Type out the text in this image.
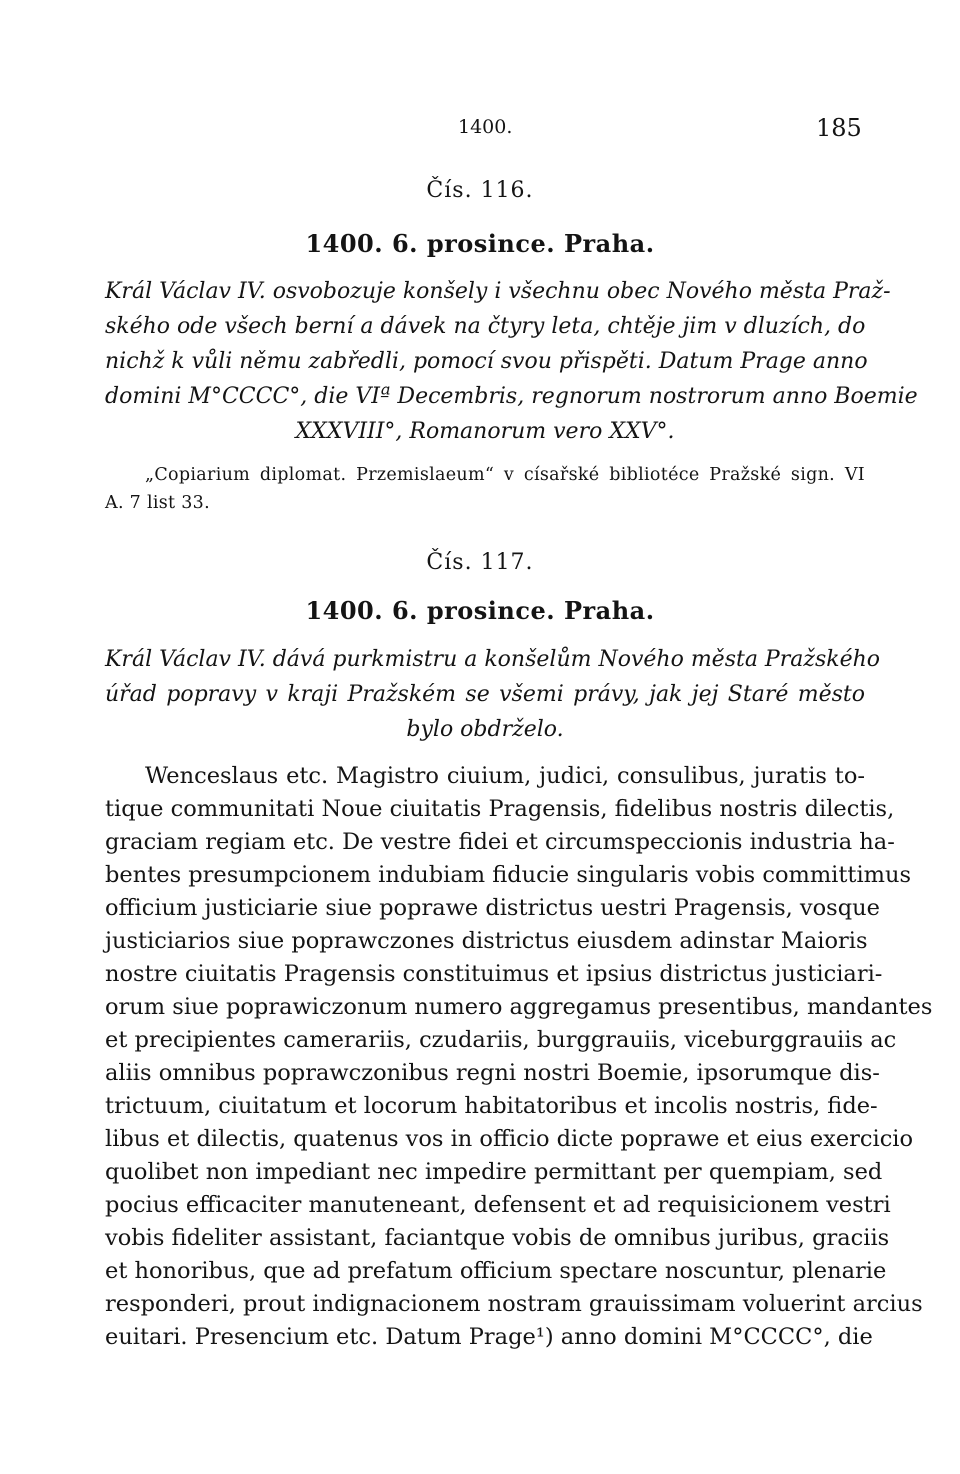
1400.	185
Čís. 116.
1400. 6. prosince. Praha.
Král Václav IV. osvobozuje konšely i všechnu obec Nového města Praž-
ského ode všech berní a dávek na čtyry leta, chtěje jim v dluzích, do
nichž k vůli němu zabředli, pomocí svou přispěti. Datum Prage anno
domini M°CCCC°, die VIª Decembris, regnorum nostrorum anno Boemie
XXXVIII°, Romanorum vero XXV°.
„Copiarium diplomat. Przemislaeum“ v císařské bibliotéce Pražské sign. VI
A. 7 list 33.
Čís. 117.
1400. 6. prosince. Praha.
Král Václav IV. dává purkmistru a konšelům Nového města Pražského
úřad popravy v kraji Pražském se všemi právy, jak jej Staré město
bylo obdrželo.
Wenceslaus etc. Magistro ciuium, judici, consulibus, juratis to-
tique communitati Noue ciuitatis Pragensis, fidelibus nostris dilectis,
graciam regiam etc. De vestre fidei et circumspeccionis industria ha-
bentes presumpcionem indubiam fiducie singularis vobis committimus
officium justiciarie siue poprawe districtus uestri Pragensis, vosque
justiciarios siue poprawczones districtus eiusdem adinstar Maioris
nostre ciuitatis Pragensis constituimus et ipsius districtus justiciari-
orum siue poprawiczonum numero aggregamus presentibus, mandantes
et precipientes camerariis, czudariis, burggrauiis, viceburggrauiis ac
aliis omnibus poprawczonibus regni nostri Boemie, ipsorumque dis-
trictuum, ciuitatum et locorum habitatoribus et incolis nostris, fide-
libus et dilectis, quatenus vos in officio dicte poprawe et eius exercicio
quolibet non impediant nec impedire permittant per quempiam, sed
pocius efficaciter manuteneant, defensent et ad requisicionem vestri
vobis fideliter assistant, faciantque vobis de omnibus juribus, graciis
et honoribus, que ad prefatum officium spectare noscuntur, plenarie
responderi, prout indignacionem nostram grauissimam voluerint arcius
euitari. Presencium etc. Datum Prage¹) anno domini M°CCCC°, die
